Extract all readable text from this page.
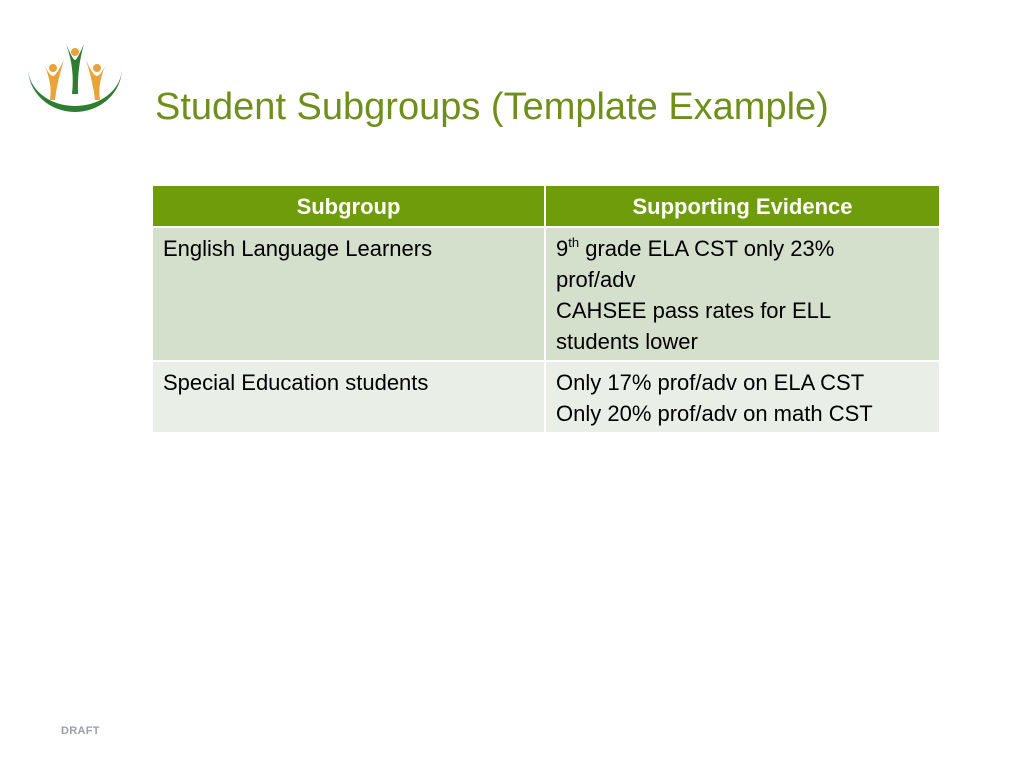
Student Subgroups (Template Example)
Subgroup	Supporting Evidence
English Language Learners	9th grade ELA CST only 23%
prof/adv
CAHSEE pass rates for ELL
students lower

Special Education students	Only 17% prof/adv on ELA CST
Only 20% prof/adv on math CST
DRAFT
